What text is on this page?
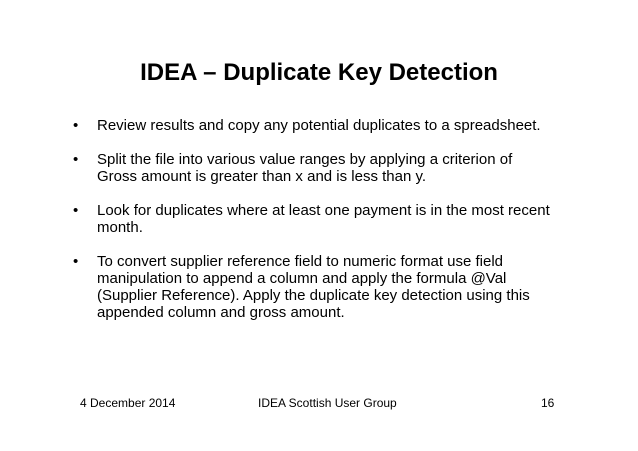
IDEA – Duplicate Key Detection
•	Review results and copy any potential duplicates to a spreadsheet.
•	Split the file into various value ranges by applying a criterion of
Gross amount is greater than x and is less than y.
•	Look for duplicates where at least one payment is in the most recent
month.
•	To convert supplier reference field to numeric format use field
manipulation to append a column and apply the formula @Val
(Supplier Reference). Apply the duplicate key detection using this
appended column and gross amount.
4 December 2014	IDEA Scottish User Group	16
